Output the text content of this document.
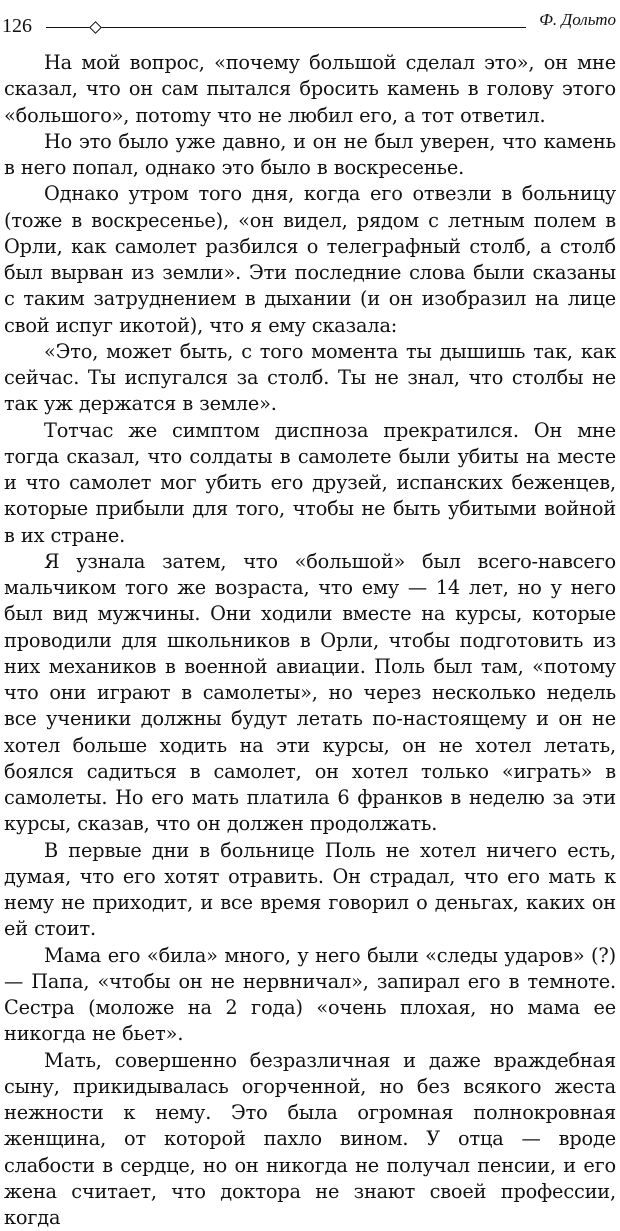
126	Ф. Дольто

На мой вопрос, «почему большой сделал это», он мне сказал, что он сам пытался бросить камень в голову этого «большого», потоmу что не любил его, а тот ответил.

Но это было уже давно, и он не был уверен, что камень в него попал, однако это было в воскресенье.

Однако утром того дня, когда его отвезли в больницу (тоже в воскресенье), «он видел, рядом с летным полем в Орли, как самолет разбился о телеграфный столб, а столб был вырван из земли». Эти последние слова были сказаны с таким затруднением в дыхании (и он изобразил на лице свой испуг икотой), что я ему сказала:

«Это, может быть, с того момента ты дышишь так, как сейчас. Ты испугался за столб. Ты не знал, что столбы не так уж держатся в земле».

Тотчас же симптом диспноза прекратился. Он мне тогда сказал, что солдаты в самолете были убиты на месте и что самолет мог убить его друзей, испанских беженцев, которые прибыли для того, чтобы не быть убитыми войной в их стране.

Я узнала затем, что «большой» был всего-навсего мальчиком того же возраста, что ему — 14 лет, но у него был вид мужчины. Они ходили вместе на курсы, которые проводили для школьников в Орли, чтобы подготовить из них механиков в военной авиации. Поль был там, «потому что они играют в самолеты», но через несколько недель все ученики должны будут летать по-настоящему и он не хотел больше ходить на эти курсы, он не хотел летать, боялся садиться в самолет, он хотел только «играть» в самолеты. Но его мать платила 6 франков в неделю за эти курсы, сказав, что он должен продолжать.

В первые дни в больнице Поль не хотел ничего есть, думая, что его хотят отравить. Он страдал, что его мать к нему не приходит, и все время говорил о деньгах, каких он ей стоит.

Мама его «била» много, у него были «следы ударов» (?) — Папа, «чтобы он не нервничал», запирал его в темноте. Сестра (моложе на 2 года) «очень плохая, но мама ее никогда не бьет».

Мать, совершенно безразличная и даже враждебная сыну, прикидывалась огорченной, но без всякого жеста нежности к нему. Это была огромная полнокровная женщина, от которой пахло вином. У отца — вроде слабости в сердце, но он никогда не получал пенсии, и его жена считает, что доктора не знают своей профессии, когда
